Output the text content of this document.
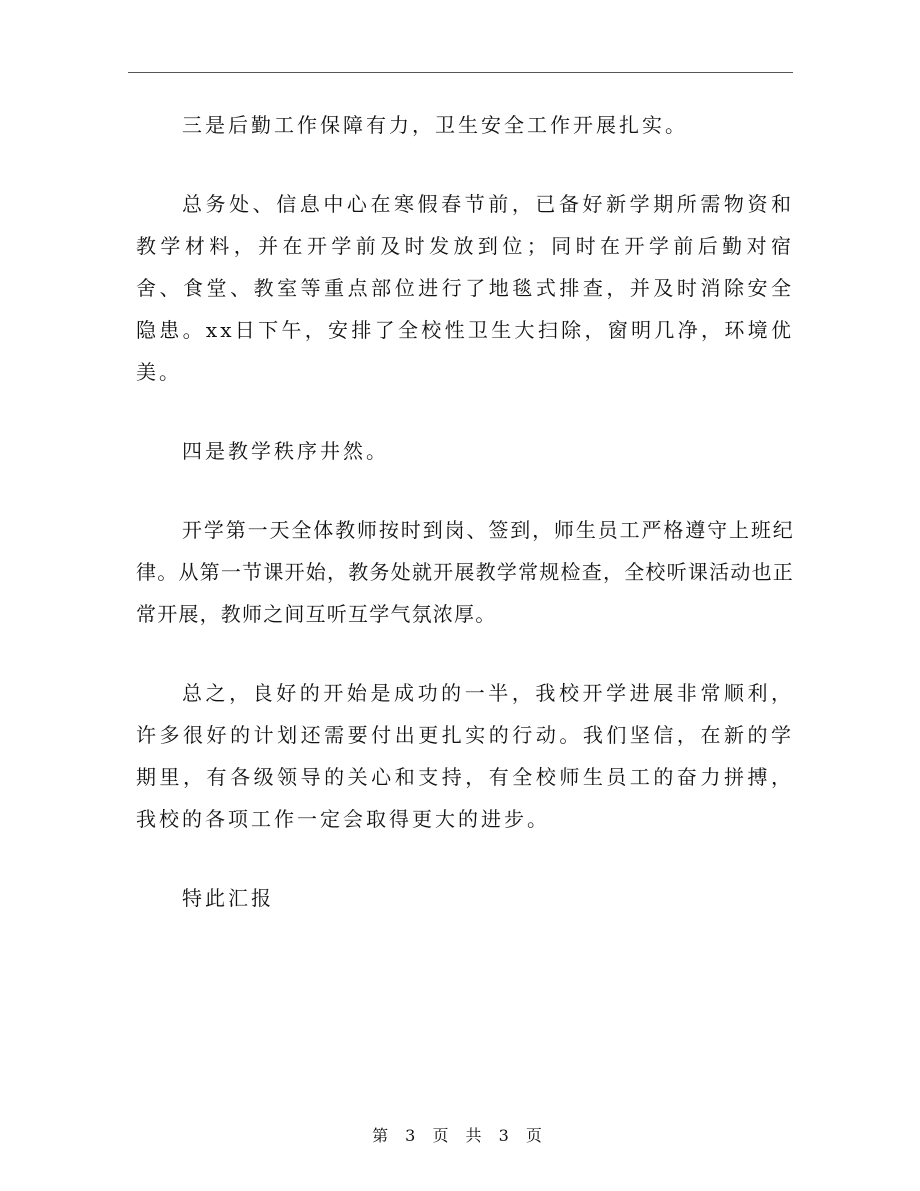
三是后勤工作保障有力，卫生安全工作开展扎实。

总务处、信息中心在寒假春节前，已备好新学期所需物资和教学材料，并在开学前及时发放到位；同时在开学前后勤对宿舍、食堂、教室等重点部位进行了地毯式排查，并及时消除安全隐患。xx日下午，安排了全校性卫生大扫除，窗明几净，环境优美。

四是教学秩序井然。

开学第一天全体教师按时到岗、签到，师生员工严格遵守上班纪律。从第一节课开始，教务处就开展教学常规检查，全校听课活动也正常开展，教师之间互听互学气氛浓厚。

总之，良好的开始是成功的一半，我校开学进展非常顺利，许多很好的计划还需要付出更扎实的行动。我们坚信，在新的学期里，有各级领导的关心和支持，有全校师生员工的奋力拼搏，我校的各项工作一定会取得更大的进步。

特此汇报

第 3 页 共 3 页
